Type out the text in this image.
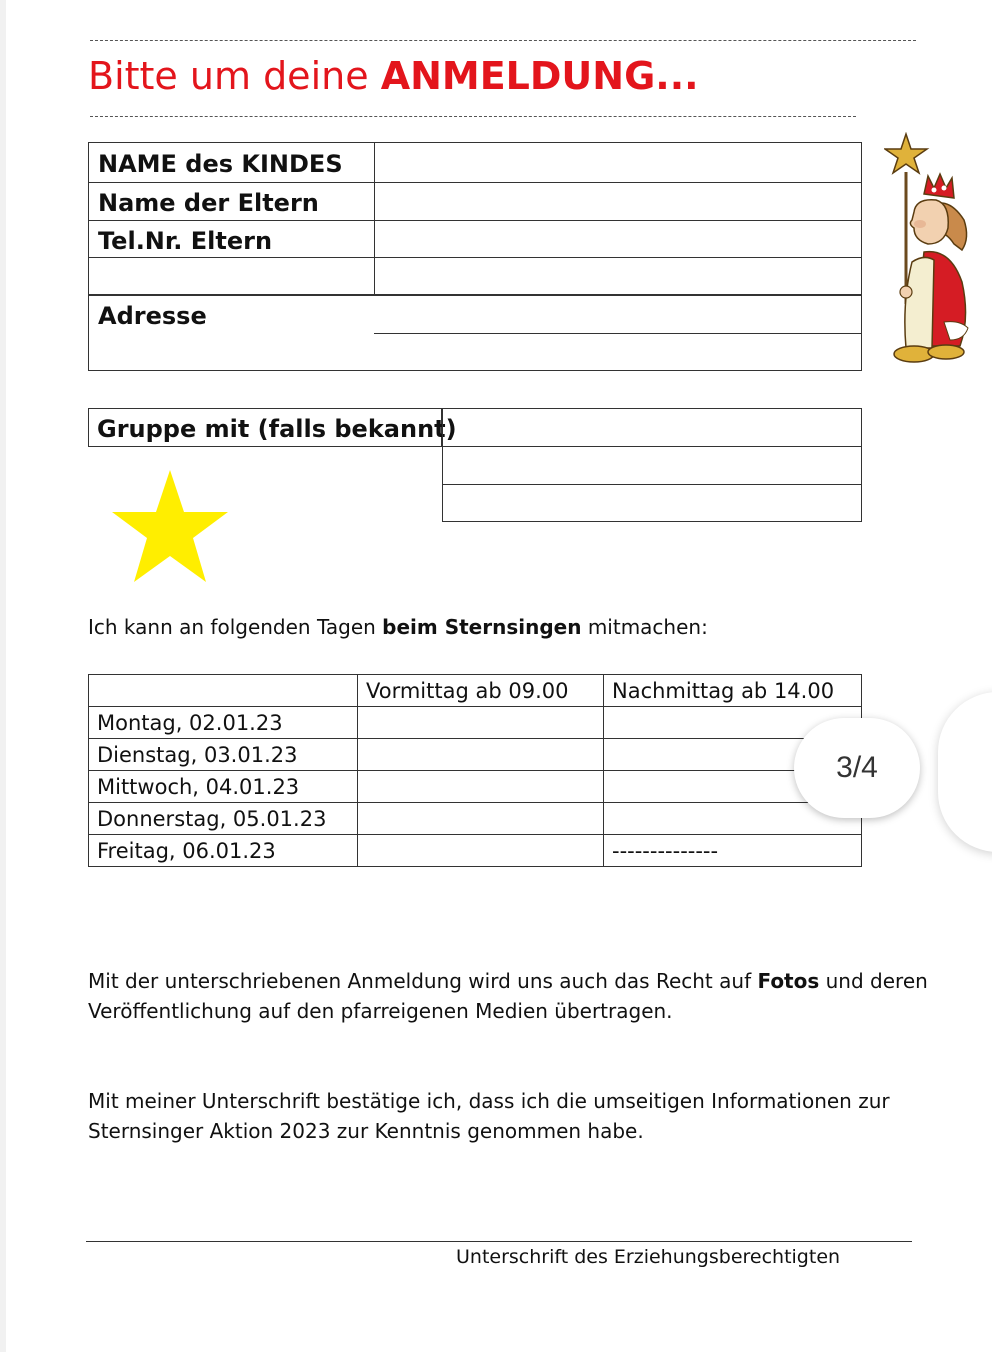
Bitte um deine ANMELDUNG...
NAME des KINDES
Name der Eltern
Tel.Nr. Eltern
Adresse
Gruppe mit (falls bekannt)
Ich kann an folgenden Tagen beim Sternsingen mitmachen:
	Vormittag ab 09.00	Nachmittag ab 14.00
Montag, 02.01.23		
Dienstag, 03.01.23		
Mittwoch, 04.01.23		
Donnerstag, 05.01.23		
Freitag, 06.01.23		--------------
3/4
Mit der unterschriebenen Anmeldung wird uns auch das Recht auf Fotos und deren
Veröffentlichung auf den pfarreigenen Medien übertragen.
Mit meiner Unterschrift bestätige ich, dass ich die umseitigen Informationen zur
Sternsinger Aktion 2023 zur Kenntnis genommen habe.
Unterschrift des Erziehungsberechtigten
